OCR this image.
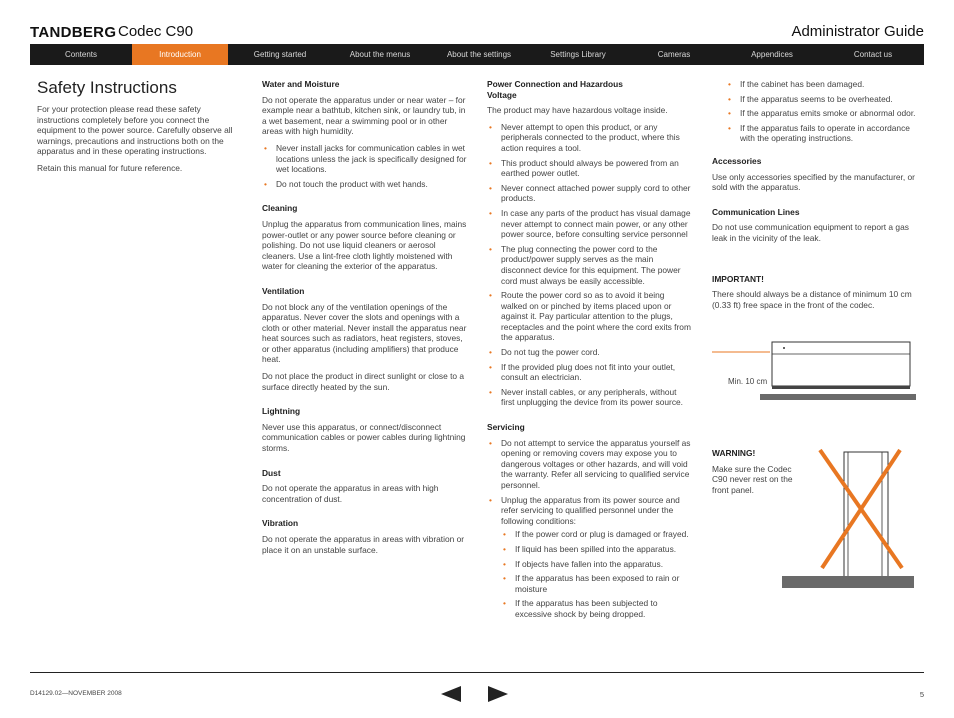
TANDBERG Codec C90	Administrator Guide
Contents	Introduction	Getting started	About the menus	About the settings	Settings Library	Cameras	Appendices	Contact us
Safety Instructions

For your protection please read these safety instructions completely before you connect the equipment to the power source. Carefully observe all warnings, precautions and instructions both on the apparatus and in these operating instructions.

Retain this manual for future reference.

Water and Moisture

Do not operate the apparatus under or near water – for example near a bathtub, kitchen sink, or laundry tub, in a wet basement, near a swimming pool or in other areas with high humidity.

• Never install jacks for communication cables in wet locations unless the jack is specifically designed for wet locations.
• Do not touch the product with wet hands.
Cleaning

Unplug the apparatus from communication lines, mains power-outlet or any power source before cleaning or polishing. Do not use liquid cleaners or aerosol cleaners. Use a lint-free cloth lightly moistened with water for cleaning the exterior of the apparatus.

Ventilation

Do not block any of the ventilation openings of the apparatus. Never cover the slots and openings with a cloth or other material. Never install the apparatus near heat sources such as radiators, heat registers, stoves, or other apparatus (including amplifiers) that produce heat.

Do not place the product in direct sunlight or close to a surface directly heated by the sun.

Lightning

Never use this apparatus, or connect/disconnect communication cables or power cables during lightning storms.

Dust

Do not operate the apparatus in areas with high concentration of dust.

Vibration

Do not operate the apparatus in areas with vibration or place it on an unstable surface.

Power Connection and Hazardous
Voltage

The product may have hazardous voltage inside.

• Never attempt to open this product, or any peripherals connected to the product, where this action requires a tool.
• This product should always be powered from an earthed power outlet.
• Never connect attached power supply cord to other products.
• In case any parts of the product has visual damage never attempt to connect main power, or any other power source, before consulting service personnel
• The plug connecting the power cord to the product/power supply serves as the main disconnect device for this equipment. The power cord must always be easily accessible.
• Route the power cord so as to avoid it being walked on or pinched by items placed upon or against it. Pay particular attention to the plugs, receptacles and the point where the cord exits from the apparatus.
• Do not tug the power cord.
• If the provided plug does not fit into your outlet, consult an electrician.
• Never install cables, or any peripherals, without first unplugging the device from its power source.
Servicing
• Do not attempt to service the apparatus yourself as opening or removing covers may expose you to dangerous voltages or other hazards, and will void the warranty. Refer all servicing to qualified service personnel.
• Unplug the apparatus from its power source and refer servicing to qualified personnel under the following conditions:
• If the power cord or plug is damaged or frayed.
• If liquid has been spilled into the apparatus.
• If objects have fallen into the apparatus.
• If the apparatus has been exposed to rain or moisture
• If the apparatus has been subjected to excessive shock by being dropped.
• If the cabinet has been damaged.
• If the apparatus seems to be overheated.
• If the apparatus emits smoke or abnormal odor.
• If the apparatus fails to operate in accordance with the operating instructions.
Accessories

Use only accessories specified by the manufacturer, or sold with the apparatus.

Communication Lines

Do not use communication equipment to report a gas leak in the vicinity of the leak.

IMPORTANT!

There should always be a distance of minimum 10 cm (0.33 ft) free space in the front of the codec.

Min. 10 cm
WARNING!

Make sure the Codec C90 never rest on the front panel.

D14129.02—NOVEMBER 2008	5
